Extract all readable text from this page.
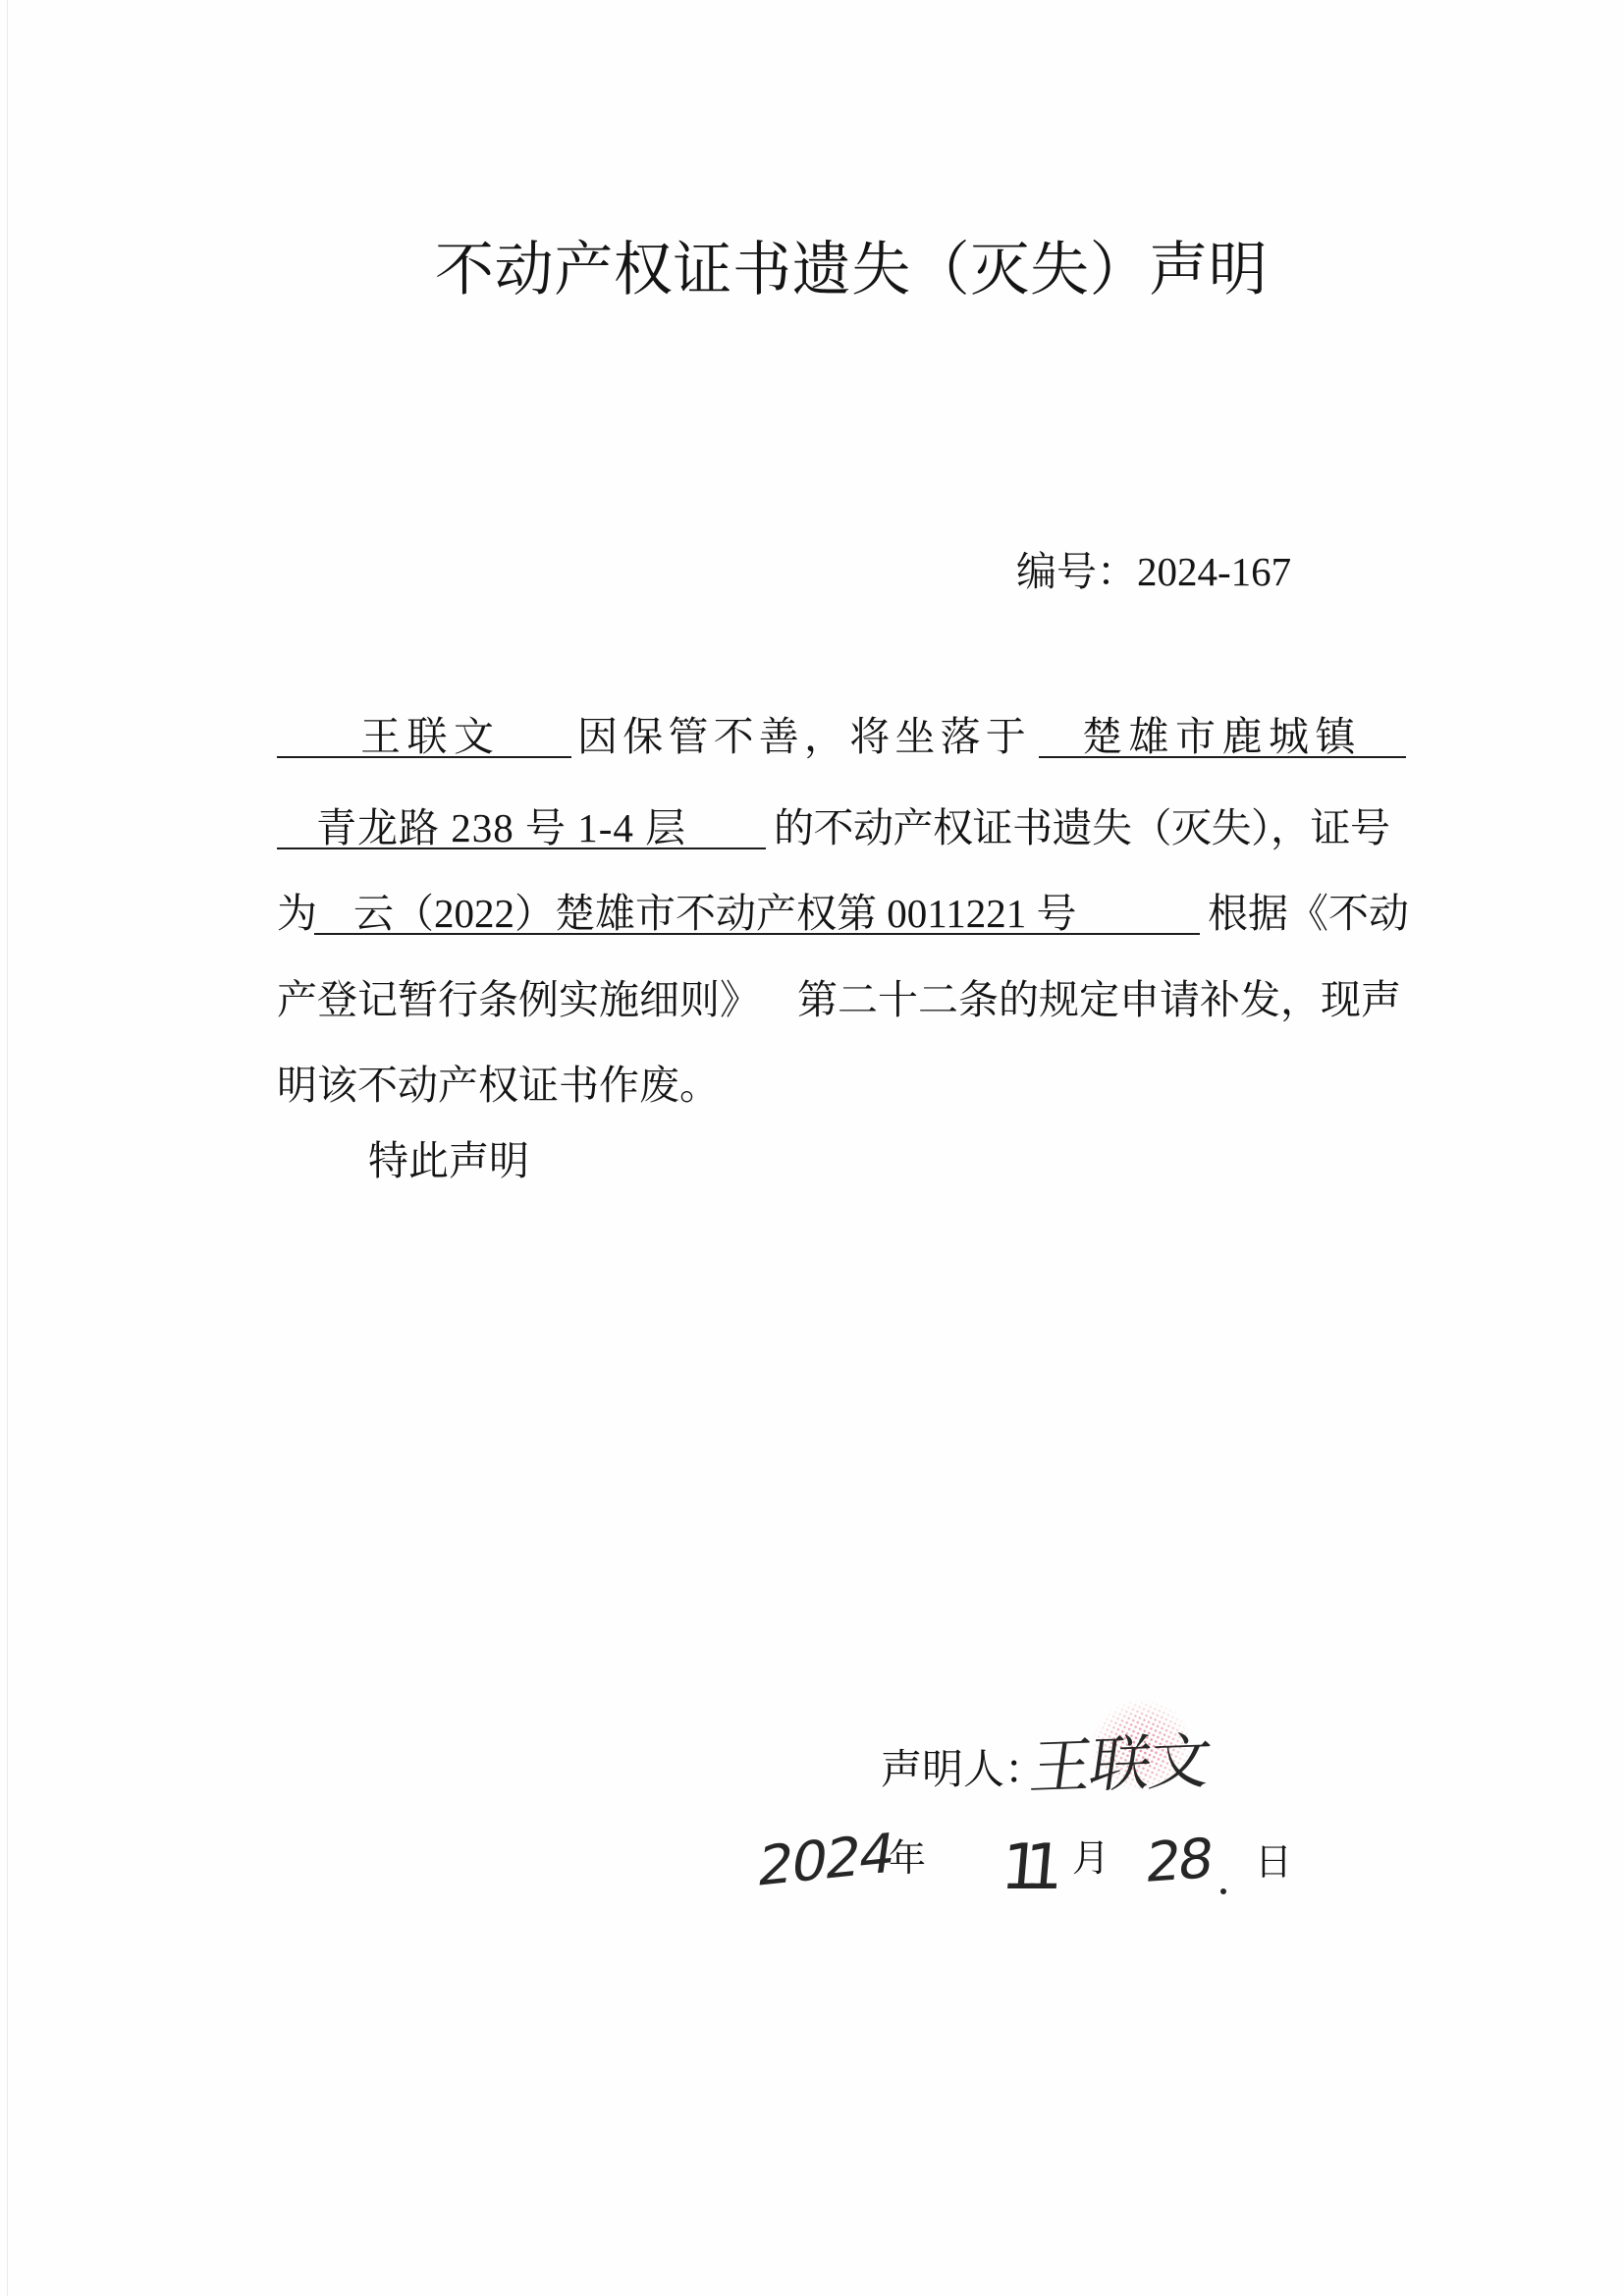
不动产权证书遗失（灭失）声明
编号：2024-167
王联文	因保管不善，将坐落于	楚雄市鹿城镇
青龙路 238 号 1-4 层	的不动产权证书遗失（灭失），证号
为 云（2022）楚雄市不动产权第 0011221 号	根据《不动
产登记暂行条例实施细则》 第二十二条的规定申请补发，现声
明该不动产权证书作废。
特此声明
声明人：
王联文
2024
年 11 月 28 日
